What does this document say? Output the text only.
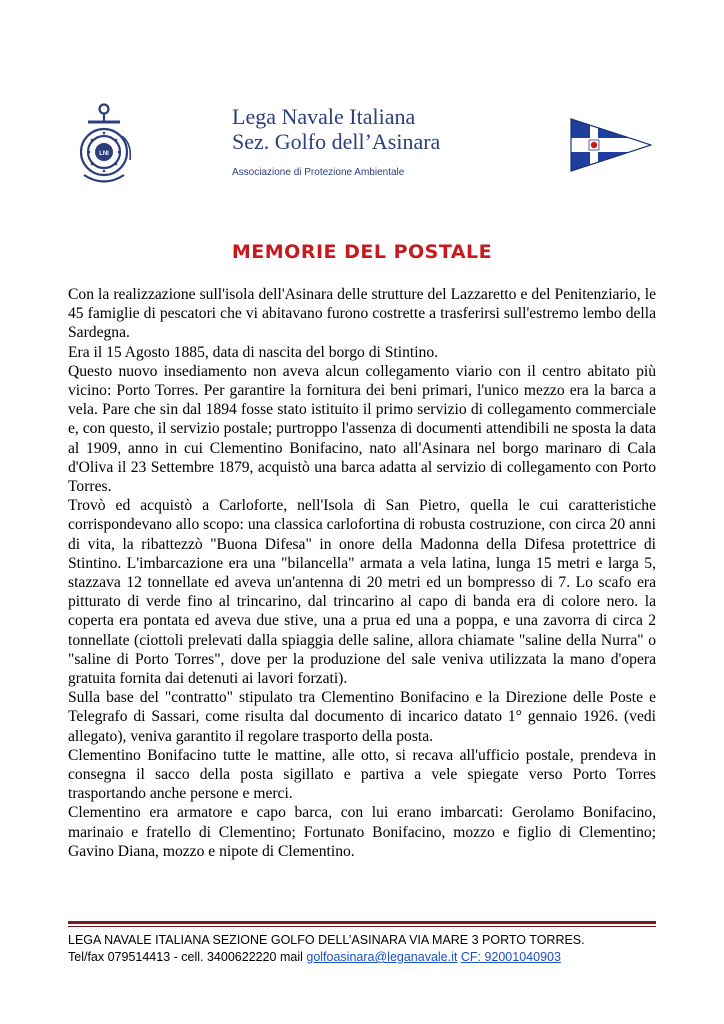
LNI
Lega Navale Italiana
Sez. Golfo dell’Asinara
Associazione di Protezione Ambientale
MEMORIE DEL POSTALE

Con la realizzazione sull'isola dell'Asinara delle strutture del Lazzaretto e del Penitenziario, le 45 famiglie di pescatori che vi abitavano furono costrette a trasferirsi sull'estremo lembo della Sardegna.

Era il 15 Agosto 1885, data di nascita del borgo di Stintino.

Questo nuovo insediamento non aveva alcun collegamento viario con il centro abitato più vicino: Porto Torres. Per garantire la fornitura dei beni primari, l'unico mezzo era la barca a vela. Pare che sin dal 1894 fosse stato istituito il primo servizio di collegamento commerciale e, con questo, il servizio postale; purtroppo l'assenza di documenti attendibili ne sposta la data al 1909, anno in cui Clementino Bonifacino, nato all'Asinara nel borgo marinaro di Cala d'Oliva il 23 Settembre 1879, acquistò una barca adatta al servizio di collegamento con Porto Torres.

Trovò ed acquistò a Carloforte, nell'Isola di San Pietro, quella le cui caratteristiche corrispondevano allo scopo: una classica carlofortina di robusta costruzione, con circa 20 anni di vita, la ribattezzò "Buona Difesa" in onore della Madonna della Difesa protettrice di Stintino. L'imbarcazione era una "bilancella" armata a vela latina, lunga 15 metri e larga 5, stazzava 12 tonnellate ed aveva un'antenna di 20 metri ed un bompresso di 7. Lo scafo era pitturato di verde fino al trincarino, dal trincarino al capo di banda era di colore nero. la coperta era pontata ed aveva due stive, una a prua ed una a poppa, e una zavorra di circa 2 tonnellate (ciottoli prelevati dalla spiaggia delle saline, allora chiamate "saline della Nurra" o "saline di Porto Torres", dove per la produzione del sale veniva utilizzata la mano d'opera gratuita fornita dai detenuti ai lavori forzati).

Sulla base del "contratto" stipulato tra Clementino Bonifacino e la Direzione delle Poste e Telegrafo di Sassari, come risulta dal documento di incarico datato 1° gennaio 1926. (vedi allegato), veniva garantito il regolare trasporto della posta.

Clementino Bonifacino tutte le mattine, alle otto, si recava all'ufficio postale, prendeva in consegna il sacco della posta sigillato e partiva a vele spiegate verso Porto Torres trasportando anche persone e merci.

Clementino era armatore e capo barca, con lui erano imbarcati: Gerolamo Bonifacino, marinaio e fratello di Clementino; Fortunato Bonifacino, mozzo e figlio di Clementino; Gavino Diana, mozzo e nipote di Clementino.

LEGA NAVALE ITALIANA SEZIONE GOLFO DELL’ASINARA VIA MARE 3 PORTO TORRES.
Tel/fax 079514413 - cell. 3400622220 mail golfoasinara@leganavale.it CF: 92001040903
